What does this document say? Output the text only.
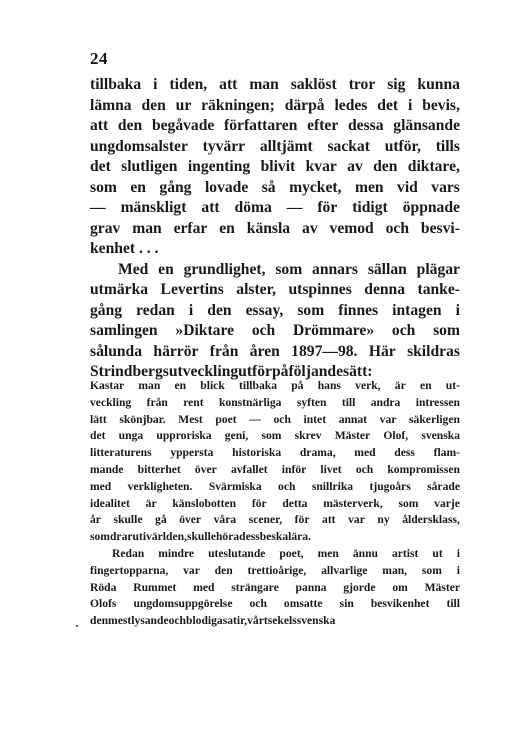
24
tillbaka i tiden, att man saklöst tror sig kunna
lämna den ur räkningen; därpå ledes det i bevis,
att den begåvade författaren efter dessa glänsande
ungdomsalster tyvärr alltjämt sackat utför, tills
det slutligen ingenting blivit kvar av den diktare,
som en gång lovade så mycket, men vid vars
— mänskligt att döma — för tidigt öppnade
grav man erfar en känsla av vemod och besvi-
kenhet . . .
Med en grundlighet, som annars sällan plägar
utmärka Levertins alster, utspinnes denna tanke-
gång redan i den essay, som finnes intagen i
samlingen »Diktare och Drömmare» och som
sålunda härrör från åren 1897—98. Här skildras
Strindbergs utveckling utför på följande sätt:
Kastar man en blick tillbaka på hans verk, är en ut-
veckling från rent konstnärliga syften till andra intressen
lätt skönjbar. Mest poet — och intet annat var säkerligen
det unga upproriska geni, som skrev Mäster Olof, svenska
litteraturens yppersta historiska drama, med dess flam-
mande bitterhet över avfallet inför livet och kompromissen
med verkligheten. Svärmiska och snillrika tjugoårs sårade
idealitet är känslobotten för detta mästerverk, som varje
år skulle gå över våra scener, för att var ny åldersklass,
som drar ut i världen, skulle höra dess beska lära.
Redan mindre uteslutande poet, men ännu artist ut i
fingertopparna, var den trettioårige, allvarlige man, som i
Röda Rummet med strängare panna gjorde om Mäster
Olofs ungdomsuppgörelse och omsatte sin besvikenhet till
den mest lysande och blodiga satir, vårt sekels svenska
